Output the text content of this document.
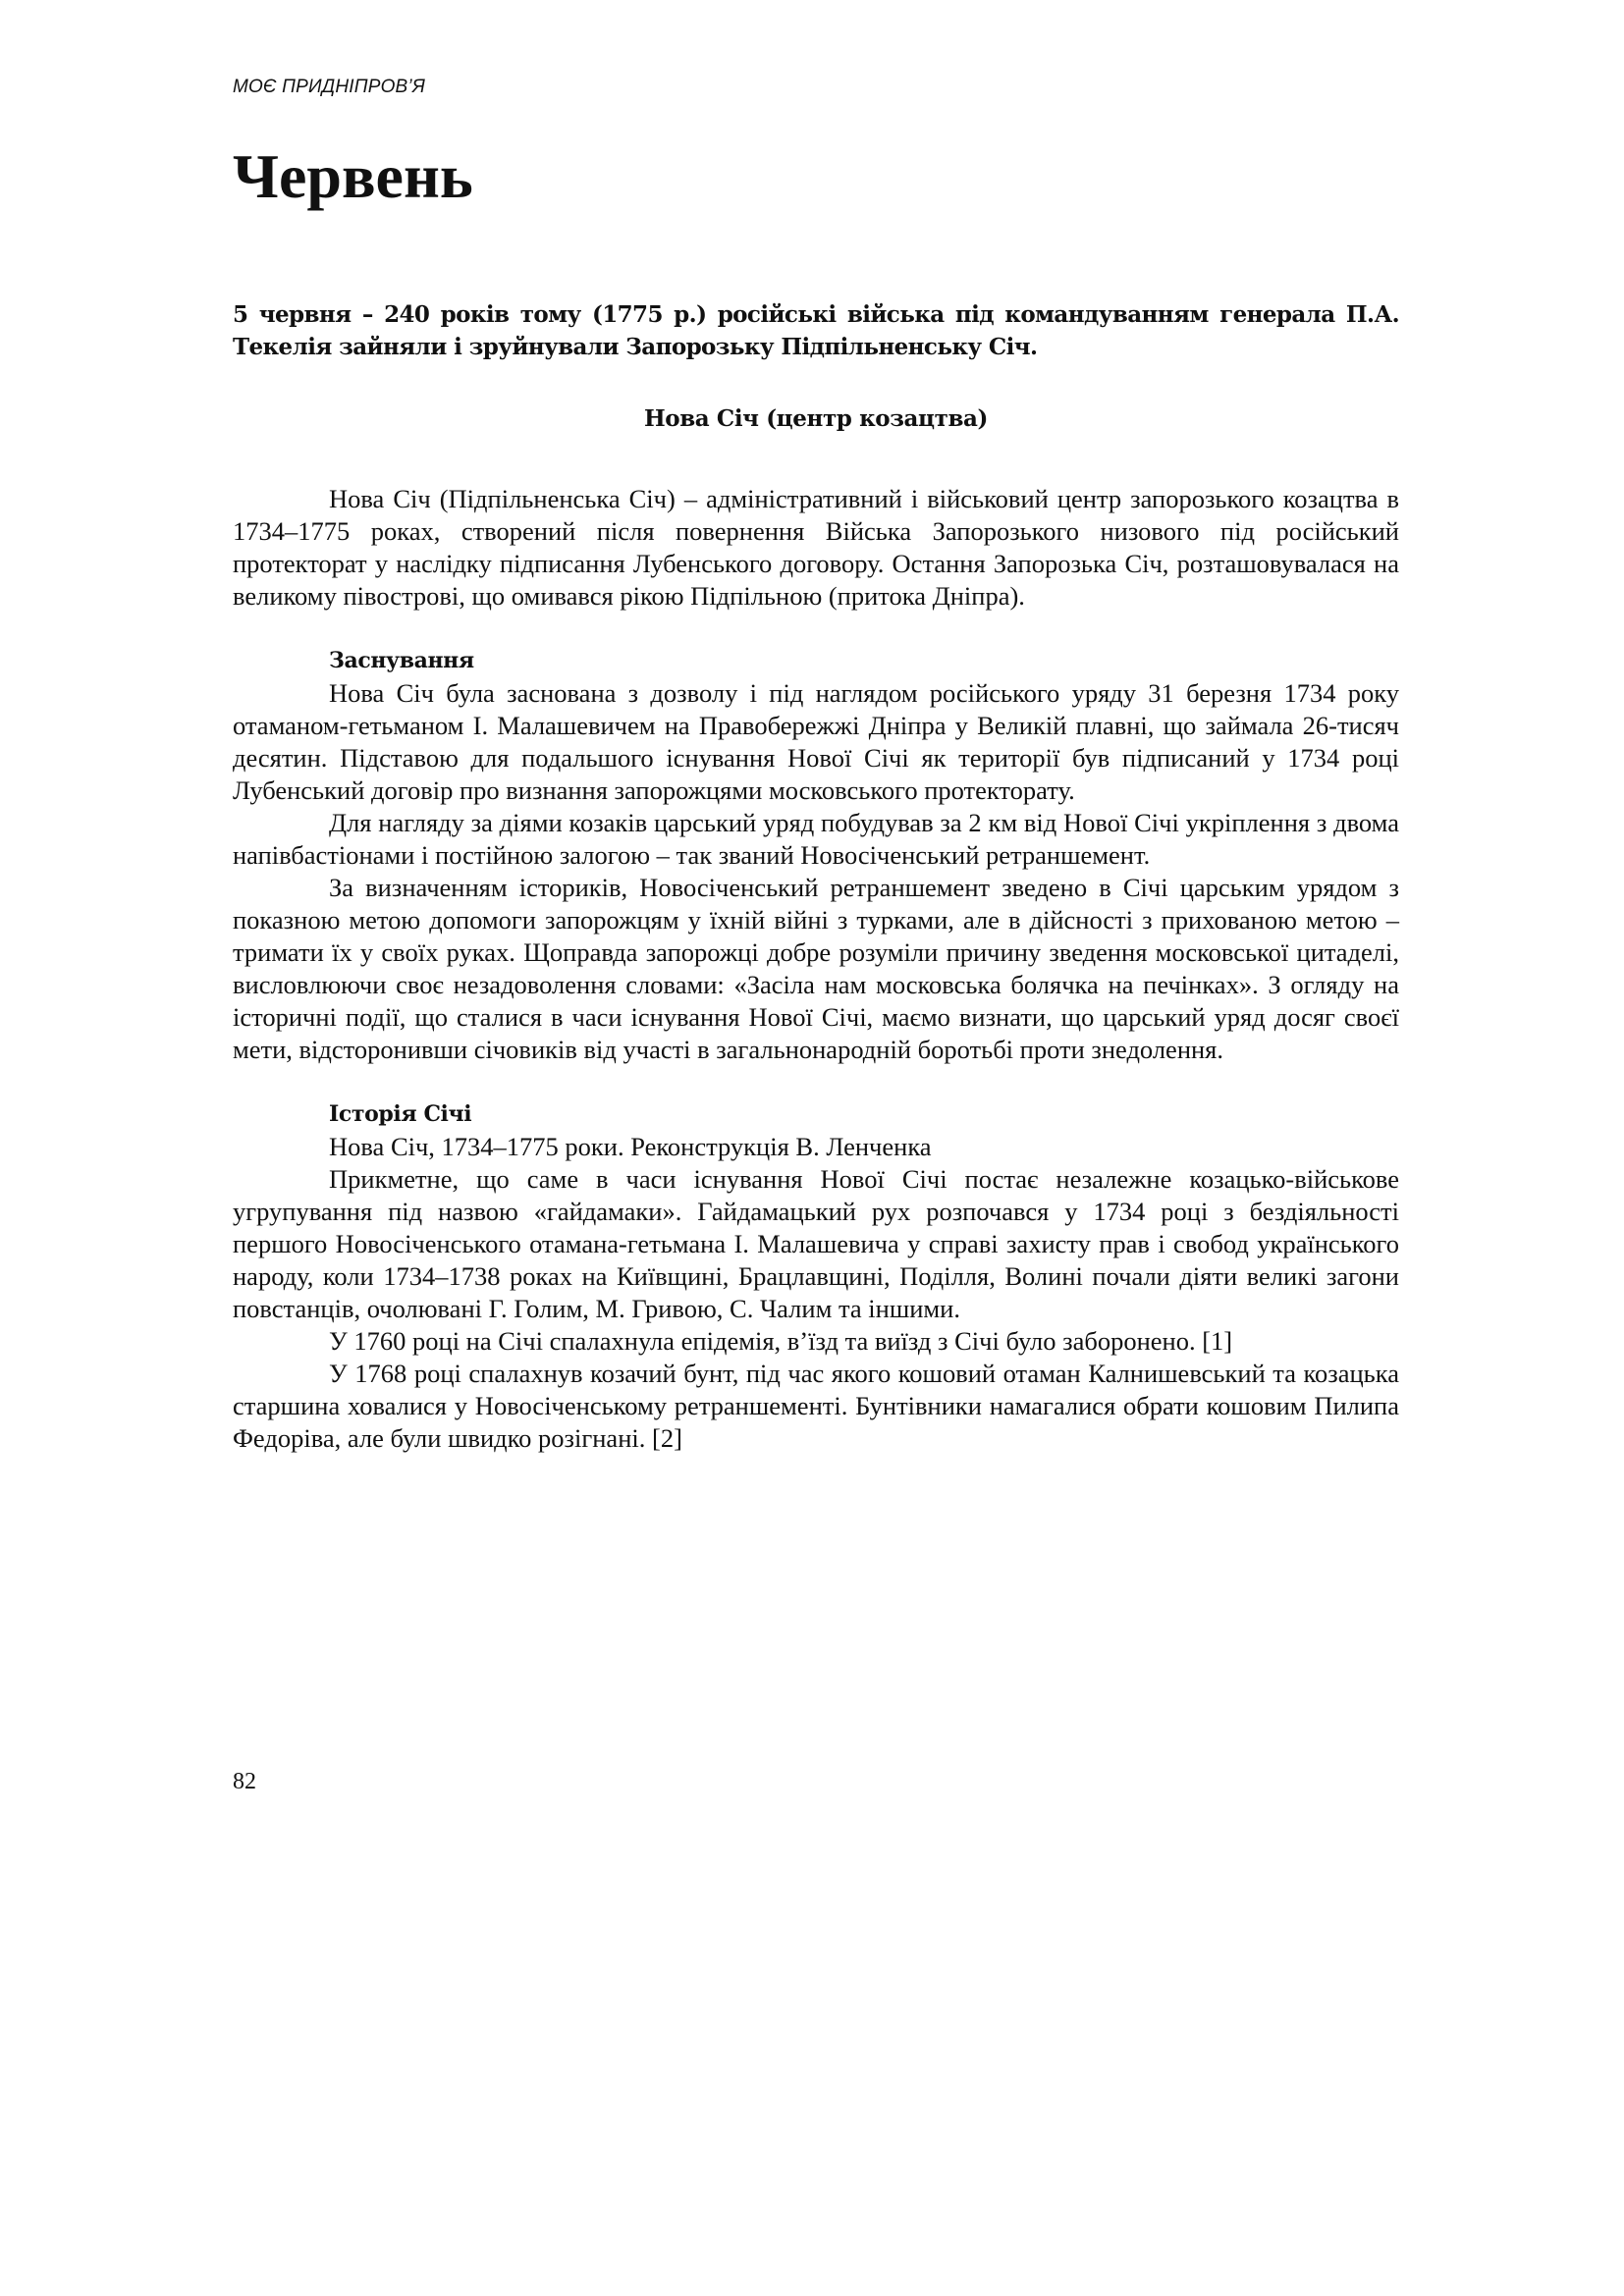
МОЄ ПРИДНІПРОВ’Я
Червень

5 червня – 240 років тому (1775 р.) російські війська під командуванням генерала П.А. Текелія зайняли і зруйнували Запорозьку Підпільненську Січ.

Нова Січ (центр козацтва)

Нова Січ (Підпільненська Січ) – адміністративний і військовий центр запорозького козацтва в 1734–1775 роках, створений після повернення Війська Запорозького низового під російський протекторат у наслідку підписання Лубенського договору. Остання Запорозька Січ, розташовувалася на великому півострові, що омивався рікою Підпільною (притока Дніпра).

Заснування

Нова Січ була заснована з дозволу і під наглядом російського уряду 31 березня 1734 року отаманом-гетьманом І. Малашевичем на Правобережжі Дніпра у Великій плавні, що займала 26-тисяч десятин. Підставою для подальшого існування Нової Січі як території був підписаний у 1734 році Лубенський договір про визнання запорожцями московського протекторату.

Для нагляду за діями козаків царський уряд побудував за 2 км від Нової Січі укріплення з двома напівбастіонами і постійною залогою – так званий Новосіченський ретраншемент.

За визначенням істориків, Новосіченський ретраншемент зведено в Січі царським урядом з показною метою допомоги запорожцям у їхній війні з турками, але в дійсності з прихованою метою – тримати їх у своїх руках. Щоправда запорожці добре розуміли причину зведення московської цитаделі, висловлюючи своє незадоволення словами: «Засіла нам московська болячка на печінках». З огляду на історичні події, що сталися в часи існування Нової Січі, маємо визнати, що царський уряд досяг своєї мети, відсторонивши січовиків від участі в загальнонародній боротьбі проти знедолення.

Історія Січі

Нова Січ, 1734–1775 роки. Реконструкція В. Ленченка

Прикметне, що саме в часи існування Нової Січі постає незалежне козацько-військове угрупування під назвою «гайдамаки». Гайдамацький рух розпочався у 1734 році з бездіяльності першого Новосіченського отамана-гетьмана І. Малашевича у справі захисту прав і свобод українського народу, коли 1734–1738 роках на Київщині, Брацлавщині, Поділля, Волині почали діяти великі загони повстанців, очолювані Г. Голим, М. Гривою, С. Чалим та іншими.

У 1760 році на Січі спалахнула епідемія, в’їзд та виїзд з Січі було заборонено. [1]

У 1768 році спалахнув козачий бунт, під час якого кошовий отаман Калнишевський та козацька старшина ховалися у Новосіченському ретраншементі. Бунтівники намагалися обрати кошовим Пилипа Федоріва, але були швидко розігнані. [2]

82
